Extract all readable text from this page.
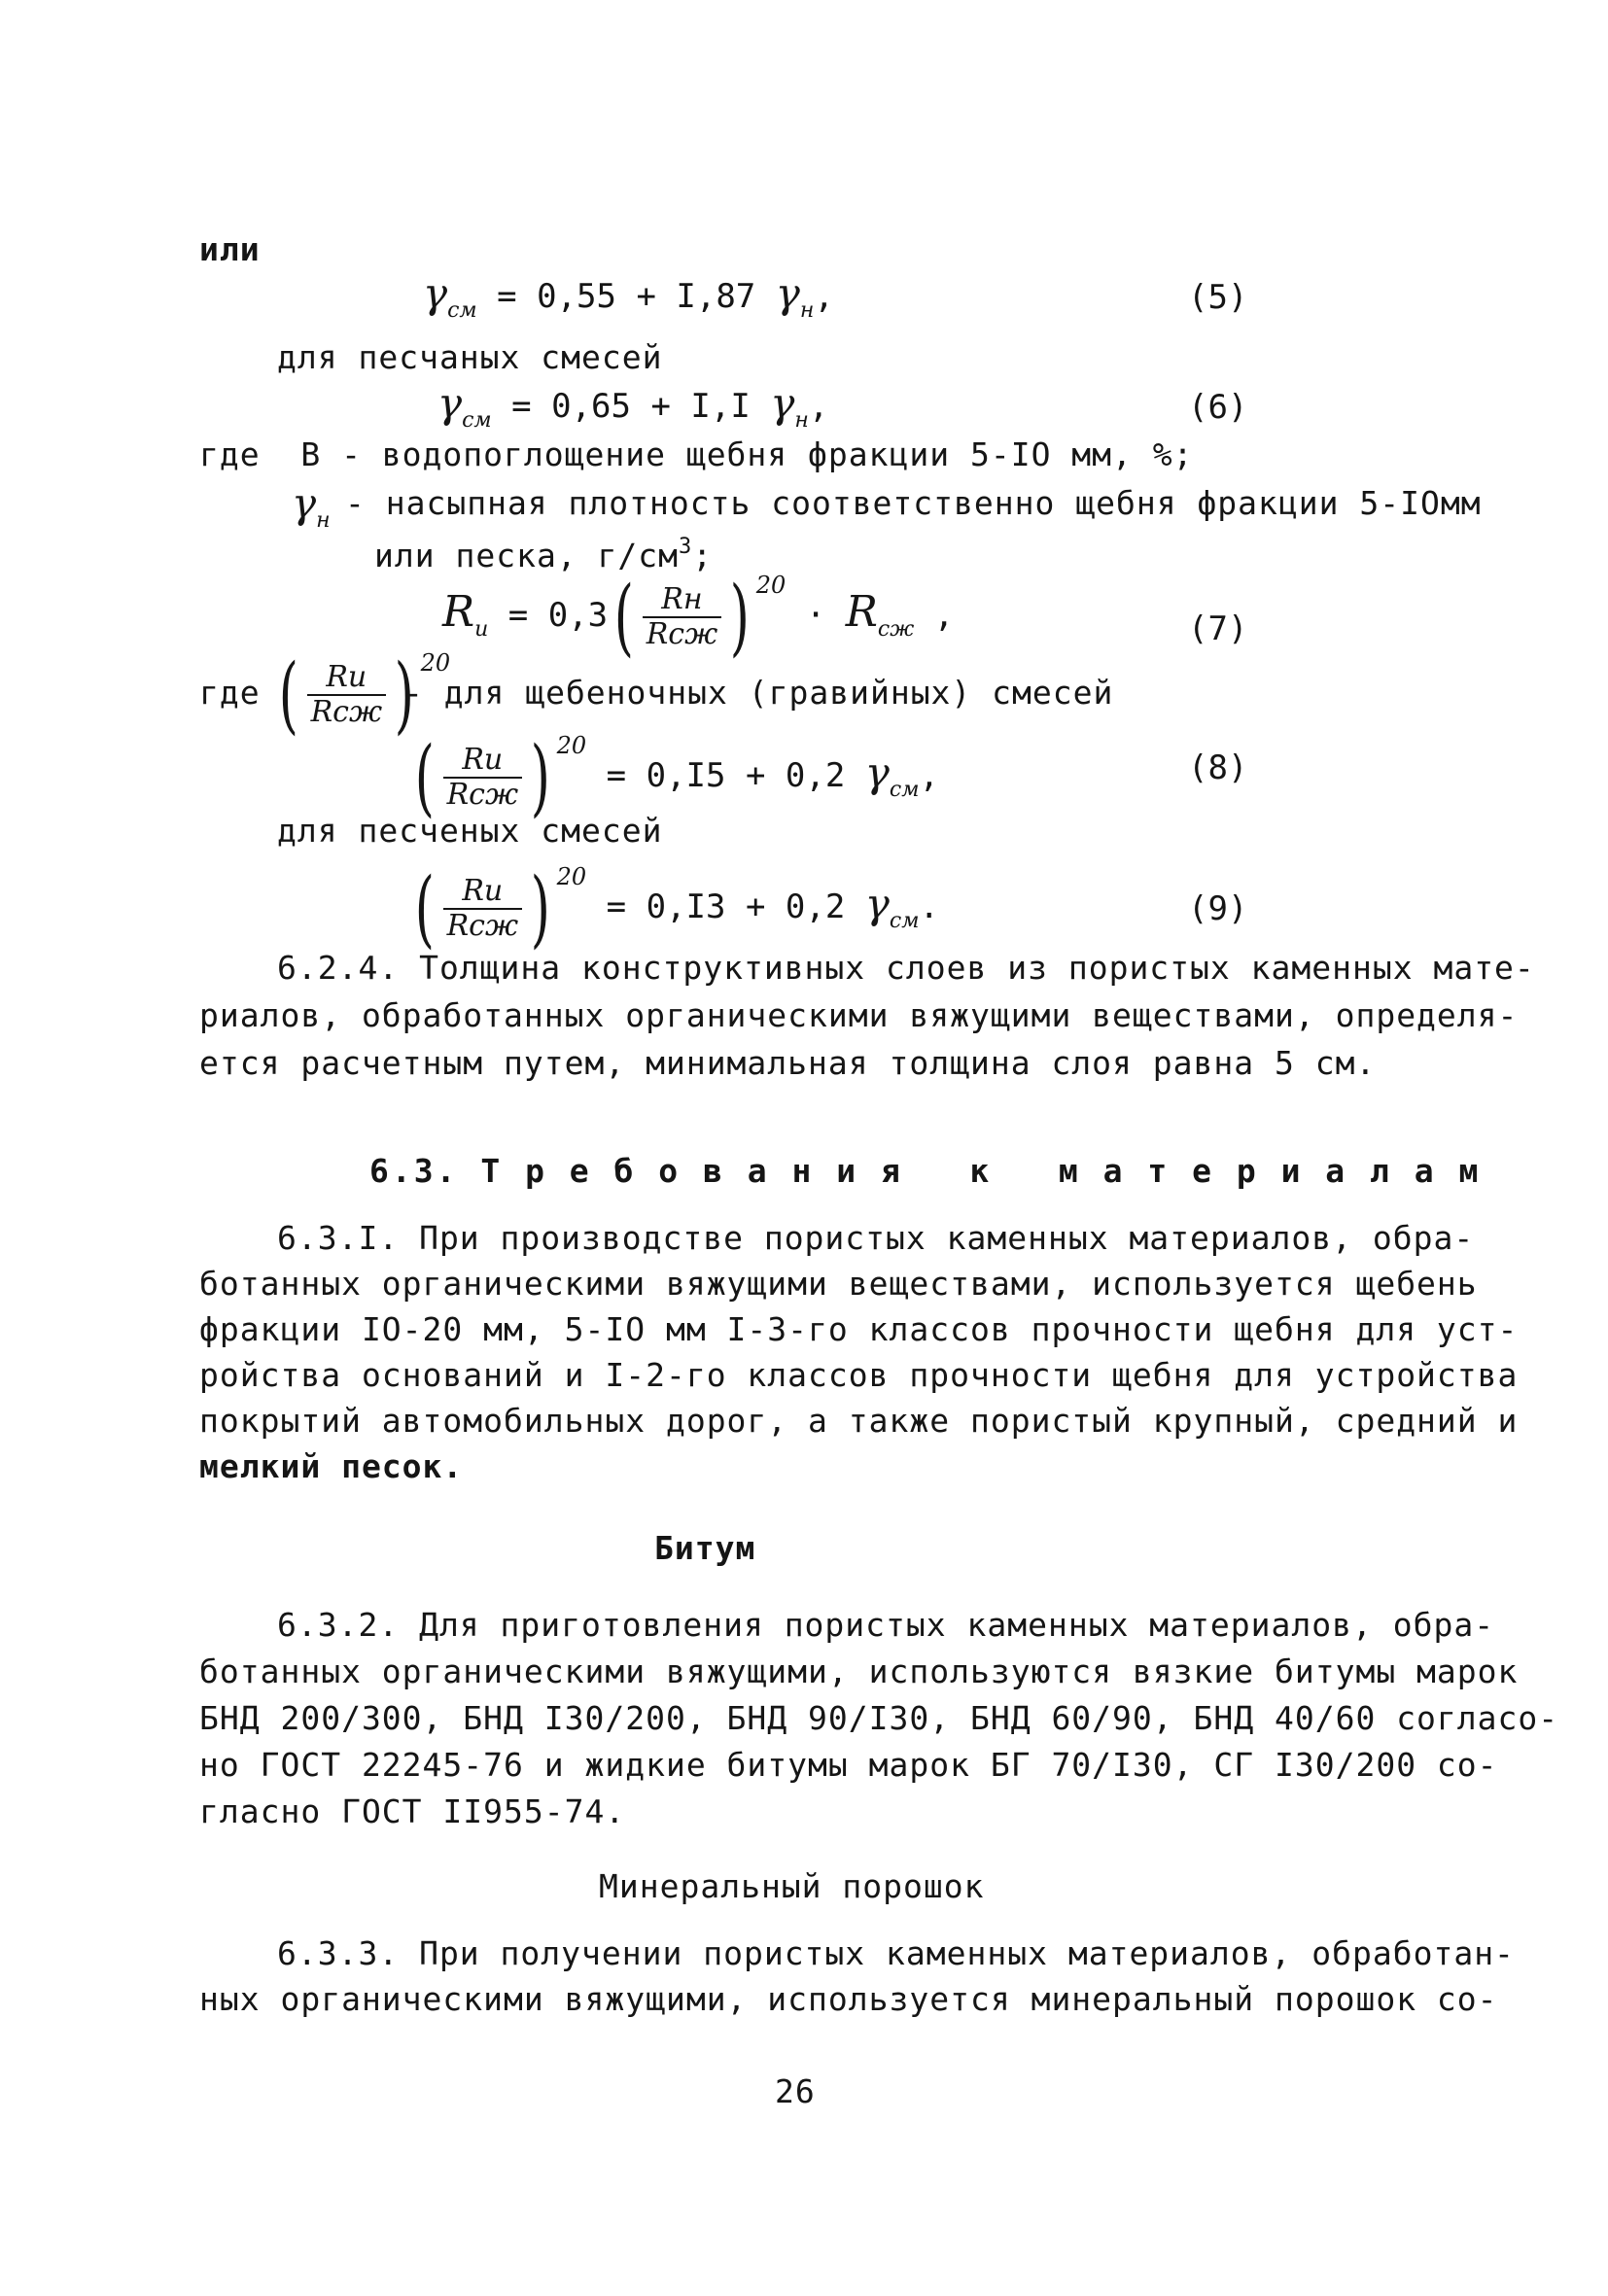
или
$\gamma_{см} = 0,55 + I,87$ $\gamma_н$,	(5)
для песчаных смесей
$\gamma_{см} = 0,65 + I,I$ $\gamma_н$,	(6)
где  В - водопоглощение щебня фракции 5-IO мм, %;
$\gamma_н$ - насыпная плотность соответственно щебня фракции 5-IOмм
или песка, $г/см^3$;
$R_и = 0,3( \frac{Rн}{\text{Rсж}}$ ) $^{20} \cdot R_{сж}$ ,	(7)
где ( $\frac{Rи}{\text{Rсж}}$ ) $^{20}$
- для щебеночных (гравийных) смесей
( $\frac{Rи}{\text{Rсж}}$ ) $^{20}$ = 0,I5 + 0,2 $\gamma_{см}$,	(8)
для песченых смесей
( $\frac{Rи}{\text{Rсж}}$ ) $^{20}$ = 0,I3 + 0,2 $\gamma_{см}$.	(9)
6.2.4. Толщина конструктивных слоев из пористых каменных мате-
риалов, обработанных органическими вяжущими веществами, определя-
ется расчетным путем, минимальная толщина слоя равна 5 см.
6.3. Т р е б о в а н и я   к   м а т е р и а л а м
6.3.I. При производстве пористых каменных материалов, обра-
ботанных органическими вяжущими веществами, используется щебень
фракции IO-20 мм, 5-IO мм I-3-го классов прочности щебня для уст-
ройства оснований и I-2-го классов прочности щебня для устройства
покрытий автомобильных дорог, а также пористый крупный, средний и
мелкий песок.
Битум
6.3.2. Для приготовления пористых каменных материалов, обра-
ботанных органическими вяжущими, используются вязкие битумы марок
БНД 200/300, БНД I30/200, БНД 90/I30, БНД 60/90, БНД 40/60 согласо-
но ГОСТ 22245-76 и жидкие битумы марок БГ 70/I30, СГ I30/200 со-
гласно ГОСТ II955-74.
Минеральный порошок
6.3.3. При получении пористых каменных материалов, обработан-
ных органическими вяжущими, используется минеральный порошок со-
26
